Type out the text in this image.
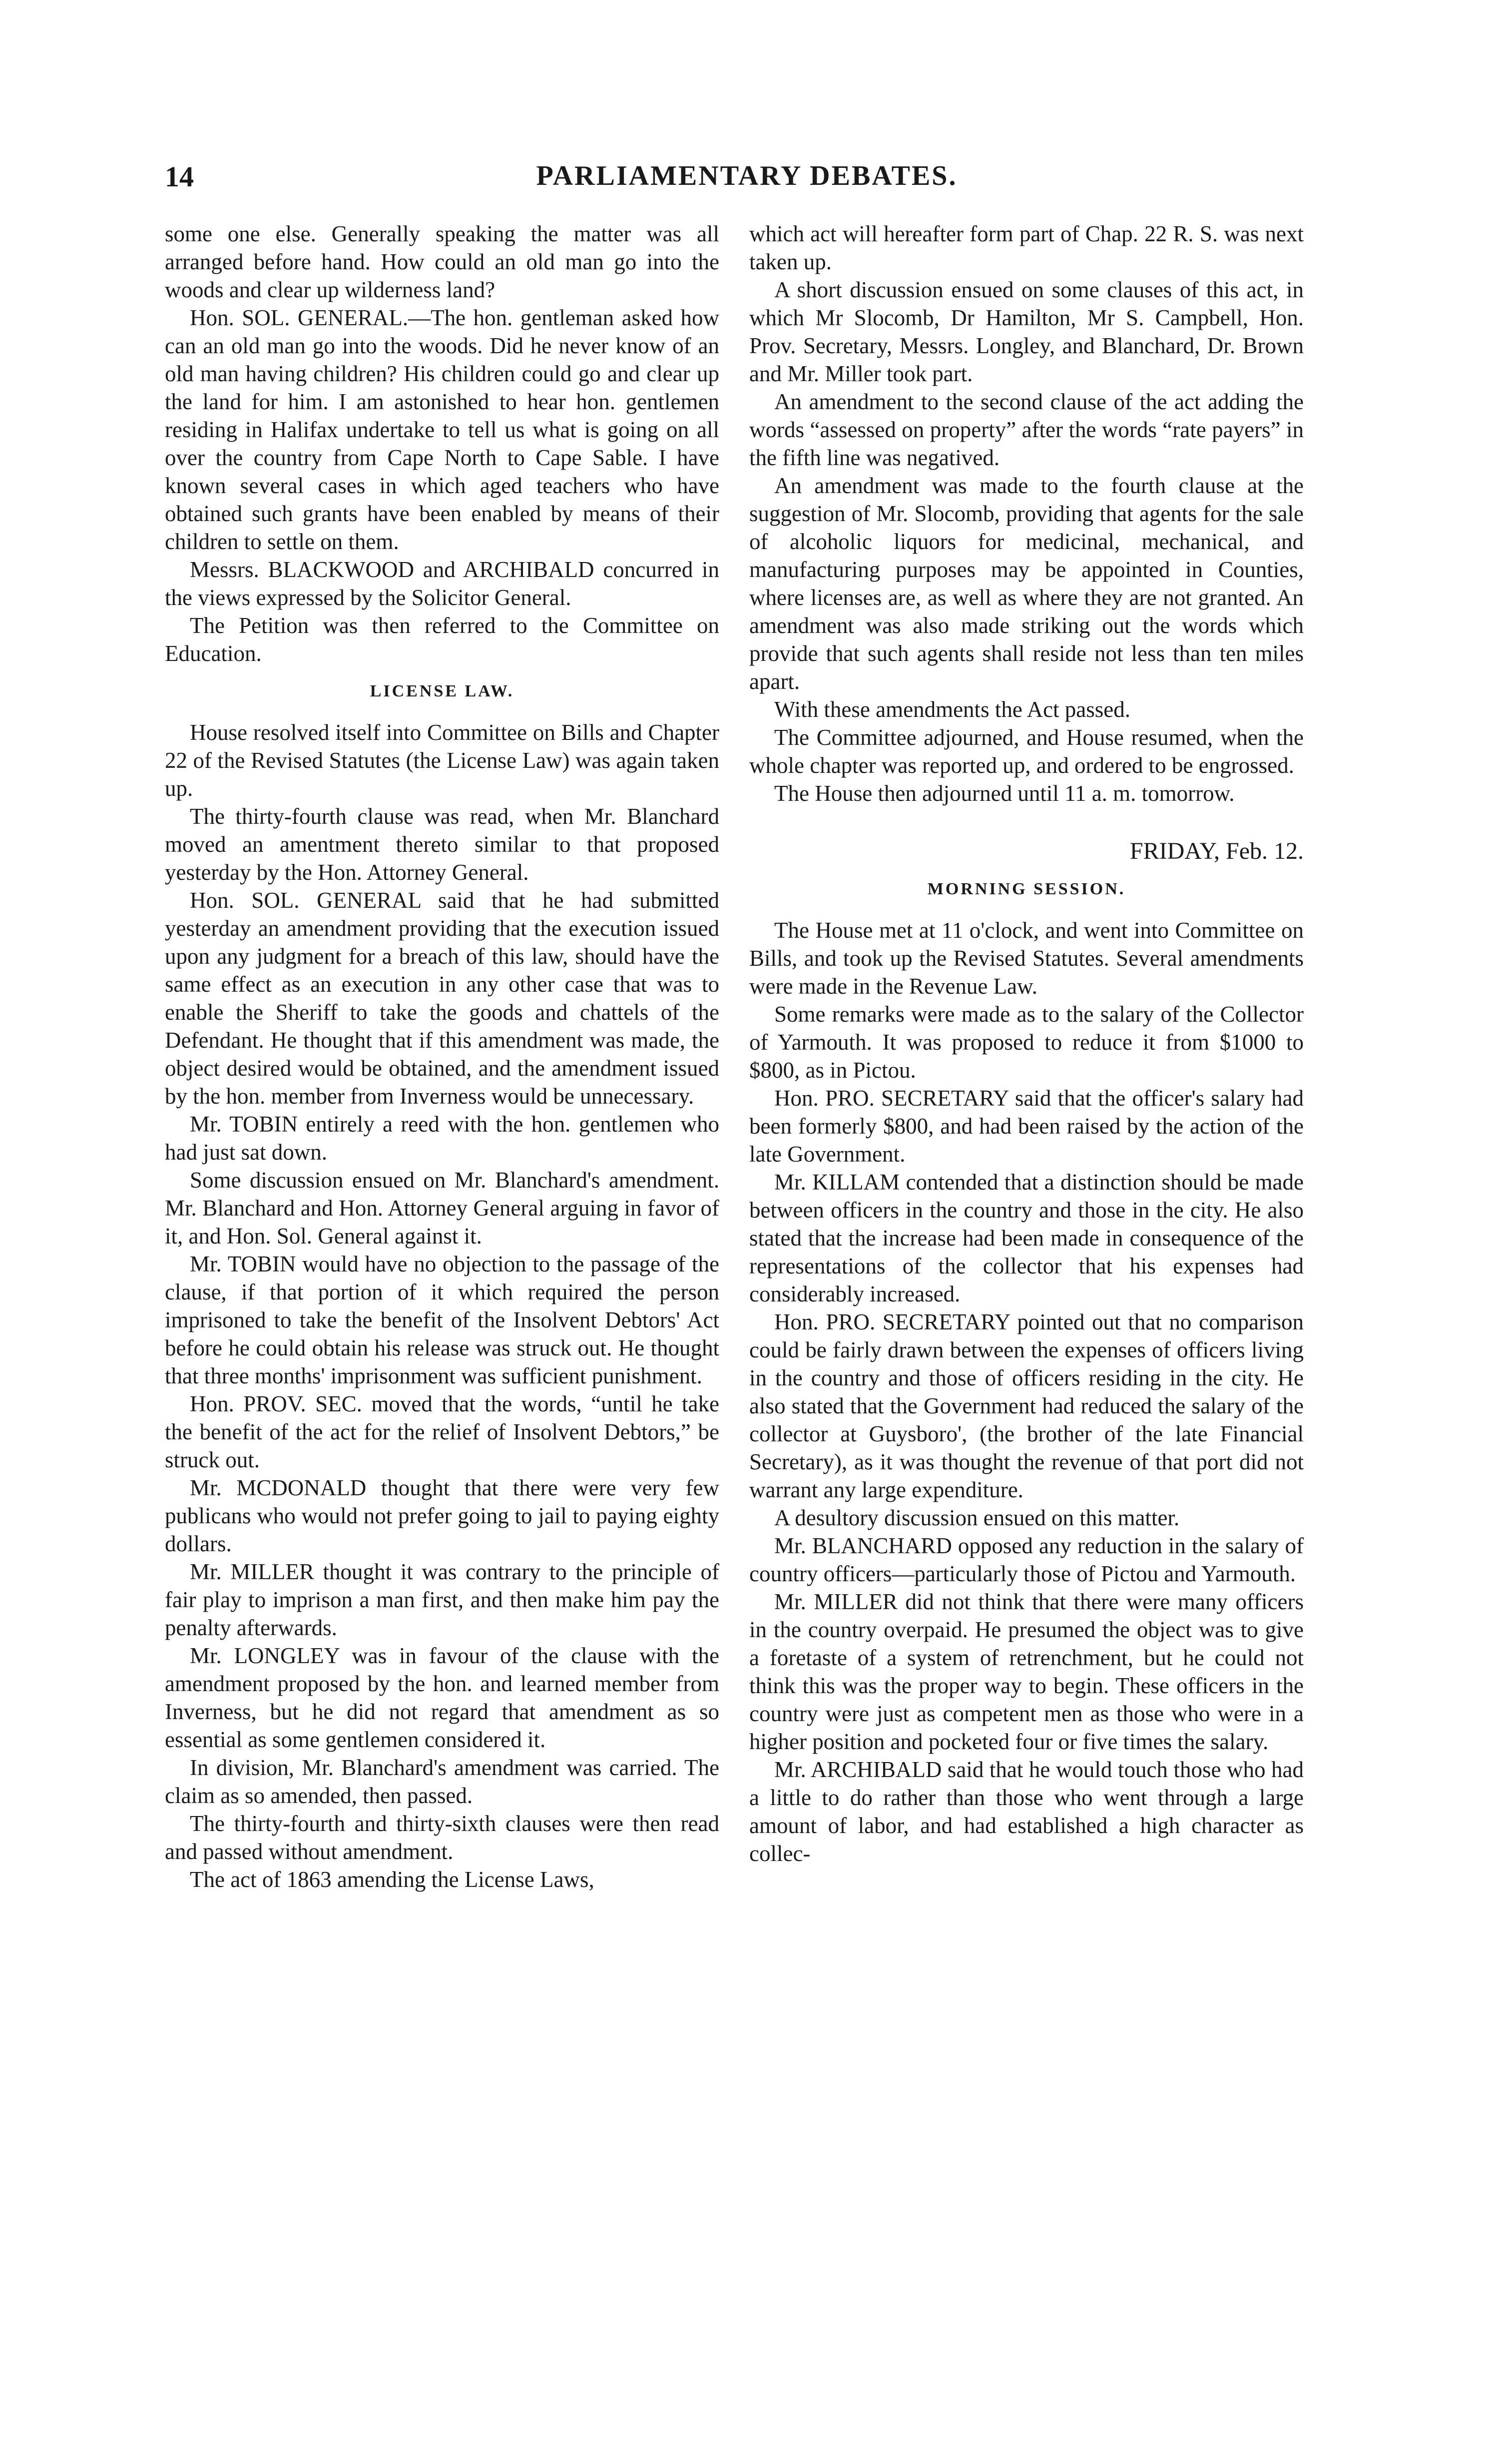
14	PARLIAMENTARY DEBATES.

some one else. Generally speaking the matter was all arranged before hand. How could an old man go into the woods and clear up wilderness land?

Hon. SOL. GENERAL.—The hon. gentleman asked how can an old man go into the woods. Did he never know of an old man having children? His children could go and clear up the land for him. I am astonished to hear hon. gentlemen residing in Halifax undertake to tell us what is going on all over the country from Cape North to Cape Sable. I have known several cases in which aged teachers who have obtained such grants have been enabled by means of their children to settle on them.

Messrs. BLACKWOOD and ARCHIBALD concurred in the views expressed by the Solicitor General.

The Petition was then referred to the Committee on Education.

LICENSE LAW.

House resolved itself into Committee on Bills and Chapter 22 of the Revised Statutes (the License Law) was again taken up.

The thirty-fourth clause was read, when Mr. Blanchard moved an amentment thereto similar to that proposed yesterday by the Hon. Attorney General.

Hon. SOL. GENERAL said that he had submitted yesterday an amendment providing that the execution issued upon any judgment for a breach of this law, should have the same effect as an execution in any other case that was to enable the Sheriff to take the goods and chattels of the Defendant. He thought that if this amendment was made, the object desired would be obtained, and the amendment issued by the hon. member from Inverness would be unnecessary.

Mr. TOBIN entirely a reed with the hon. gentlemen who had just sat down.

Some discussion ensued on Mr. Blanchard's amendment. Mr. Blanchard and Hon. Attorney General arguing in favor of it, and Hon. Sol. General against it.

Mr. TOBIN would have no objection to the passage of the clause, if that portion of it which required the person imprisoned to take the benefit of the Insolvent Debtors' Act before he could obtain his release was struck out. He thought that three months' imprisonment was sufficient punishment.

Hon. PROV. SEC. moved that the words, “until he take the benefit of the act for the relief of Insolvent Debtors,” be struck out.

Mr. MCDONALD thought that there were very few publicans who would not prefer going to jail to paying eighty dollars.

Mr. MILLER thought it was contrary to the principle of fair play to imprison a man first, and then make him pay the penalty afterwards.

Mr. LONGLEY was in favour of the clause with the amendment proposed by the hon. and learned member from Inverness, but he did not regard that amendment as so essential as some gentlemen considered it.

In division, Mr. Blanchard's amendment was carried. The claim as so amended, then passed.

The thirty-fourth and thirty-sixth clauses were then read and passed without amendment.

The act of 1863 amending the License Laws,

which act will hereafter form part of Chap. 22 R. S. was next taken up.

A short discussion ensued on some clauses of this act, in which Mr Slocomb, Dr Hamilton, Mr S. Campbell, Hon. Prov. Secretary, Messrs. Longley, and Blanchard, Dr. Brown and Mr. Miller took part.

An amendment to the second clause of the act adding the words “assessed on property” after the words “rate payers” in the fifth line was negatived.

An amendment was made to the fourth clause at the suggestion of Mr. Slocomb, providing that agents for the sale of alcoholic liquors for medicinal, mechanical, and manufacturing purposes may be appointed in Counties, where licenses are, as well as where they are not granted. An amendment was also made striking out the words which provide that such agents shall reside not less than ten miles apart.

With these amendments the Act passed.

The Committee adjourned, and House resumed, when the whole chapter was reported up, and ordered to be engrossed.

The House then adjourned until 11 a. m. tomorrow.

FRIDAY, Feb. 12.
MORNING SESSION.

The House met at 11 o'clock, and went into Committee on Bills, and took up the Revised Statutes. Several amendments were made in the Revenue Law.

Some remarks were made as to the salary of the Collector of Yarmouth. It was proposed to reduce it from $1000 to $800, as in Pictou.

Hon. PRO. SECRETARY said that the officer's salary had been formerly $800, and had been raised by the action of the late Government.

Mr. KILLAM contended that a distinction should be made between officers in the country and those in the city. He also stated that the increase had been made in consequence of the representations of the collector that his expenses had considerably increased.

Hon. PRO. SECRETARY pointed out that no comparison could be fairly drawn between the expenses of officers living in the country and those of officers residing in the city. He also stated that the Government had reduced the salary of the collector at Guysboro', (the brother of the late Financial Secretary), as it was thought the revenue of that port did not warrant any large expenditure.

A desultory discussion ensued on this matter.

Mr. BLANCHARD opposed any reduction in the salary of country officers—particularly those of Pictou and Yarmouth.

Mr. MILLER did not think that there were many officers in the country overpaid. He presumed the object was to give a foretaste of a system of retrenchment, but he could not think this was the proper way to begin. These officers in the country were just as competent men as those who were in a higher position and pocketed four or five times the salary.

Mr. ARCHIBALD said that he would touch those who had a little to do rather than those who went through a large amount of labor, and had established a high character as collec-
